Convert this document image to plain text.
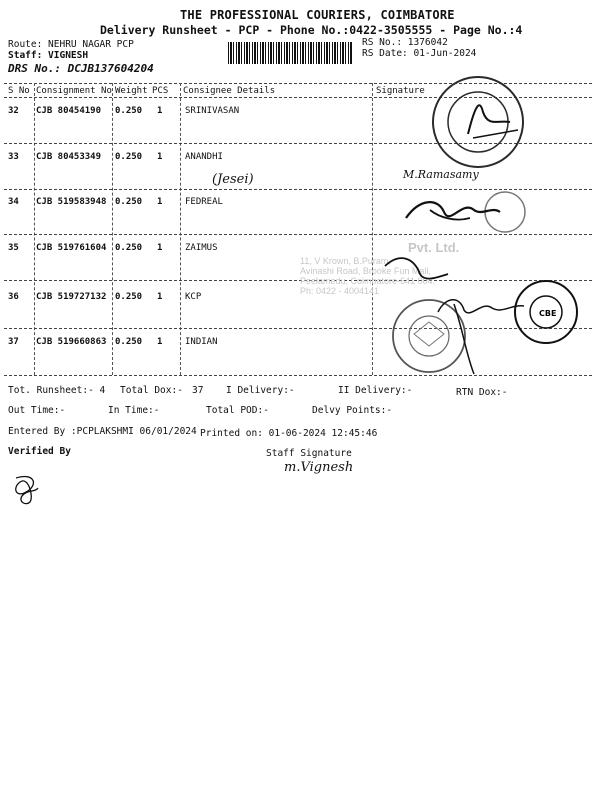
THE PROFESSIONAL COURIERS, COIMBATORE
Delivery Runsheet - PCP - Phone No.:0422-3505555 - Page No.:4
Route: NEHRU NAGAR PCP
Staff: VIGNESH
DRS No.: DCJB137604204
RS No.: 1376042
RS Date: 01-Jun-2024
S No Consignment No Weight PCS Consignee Details	Signature
32 CJB 80454190 0.250 1	SRINIVASAN
33 CJB 80453349 0.250 1	ANANDHI
34 CJB 519583948 0.250 1	FEDREAL
35 CJB 519761604 0.250 1	ZAIMUS
36 CJB 519727132 0.250 1	KCP
37 CJB 519660863 0.250 1	INDIAN
Pvt. Ltd.
11, V Krown, B.Puram,
Avinashi Road, Brooke Fun Mall,
Peelamedu, Coimbatore-641 004.
Ph: 0422 - 4004141
CBE
(Jesei)	M.Ramasamy
Tot. Runsheet:- 4 Total Dox:- 37 I Delivery:-	II Delivery:-	RTN Dox:-
Out Time:-	In Time:-	Total POD:-	Delvy Points:-
Entered By :PCPLAKSHMI 06/01/2024 Printed on: 01-06-2024 12:45:46
Verified By	Staff Signature
m.Vignesh
